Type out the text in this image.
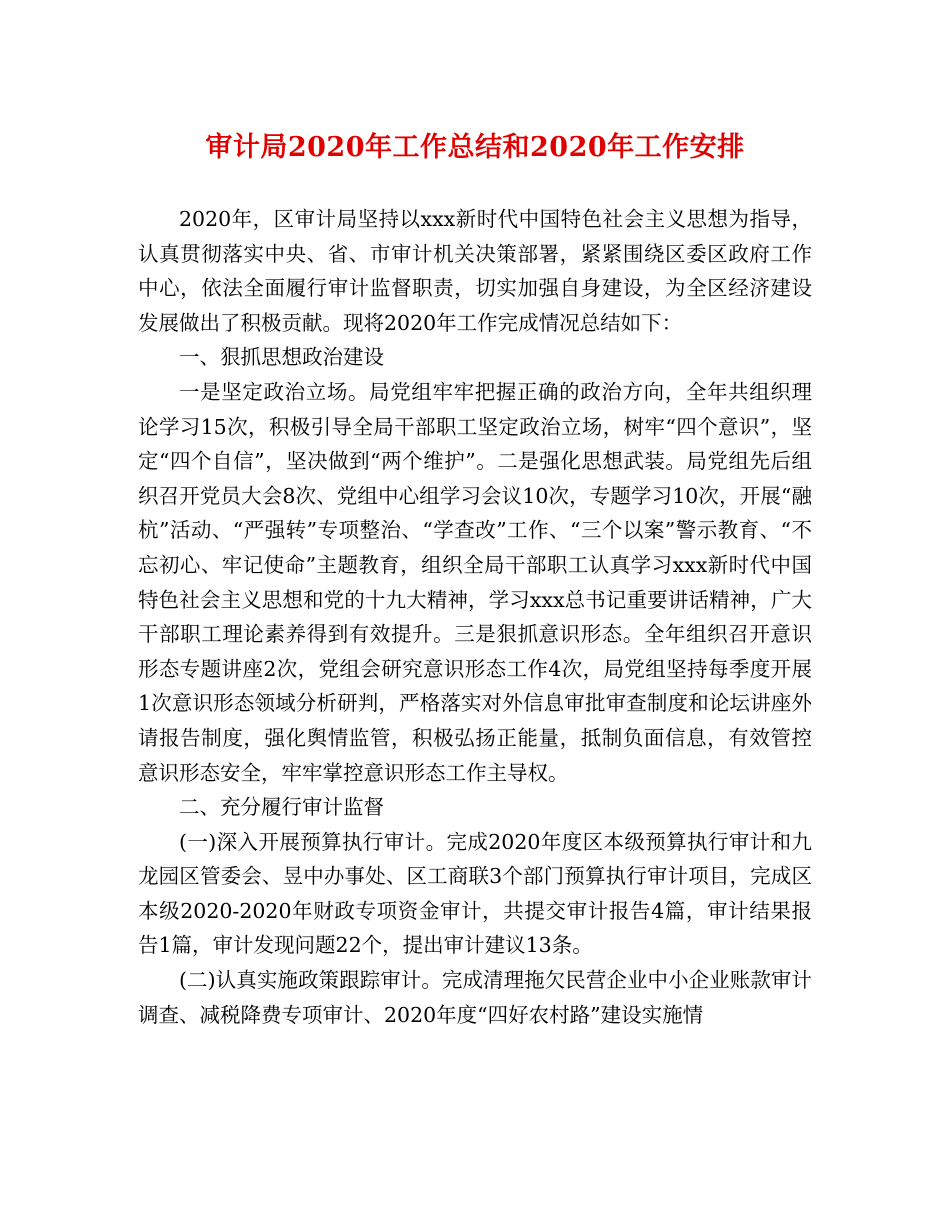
审计局2020年工作总结和2020年工作安排

2020年，区审计局坚持以xxx新时代中国特色社会主义思想为指导，认真贯彻落实中央、省、市审计机关决策部署，紧紧围绕区委区政府工作中心，依法全面履行审计监督职责，切实加强自身建设，为全区经济建设发展做出了积极贡献。现将2020年工作完成情况总结如下：

一、狠抓思想政治建设

一是坚定政治立场。局党组牢牢把握正确的政治方向，全年共组织理论学习15次，积极引导全局干部职工坚定政治立场，树牢“四个意识”，坚定“四个自信”，坚决做到“两个维护”。二是强化思想武装。局党组先后组织召开党员大会8次、党组中心组学习会议10次，专题学习10次，开展“融杭”活动、“严强转”专项整治、“学查改”工作、“三个以案”警示教育、“不忘初心、牢记使命”主题教育，组织全局干部职工认真学习xxx新时代中国特色社会主义思想和党的十九大精神，学习xxx总书记重要讲话精神，广大干部职工理论素养得到有效提升。三是狠抓意识形态。全年组织召开意识形态专题讲座2次，党组会研究意识形态工作4次，局党组坚持每季度开展1次意识形态领域分析研判，严格落实对外信息审批审查制度和论坛讲座外请报告制度，强化舆情监管，积极弘扬正能量，抵制负面信息，有效管控意识形态安全，牢牢掌控意识形态工作主导权。

二、充分履行审计监督

(一)深入开展预算执行审计。完成2020年度区本级预算执行审计和九龙园区管委会、昱中办事处、区工商联3个部门预算执行审计项目，完成区本级2020-2020年财政专项资金审计，共提交审计报告4篇，审计结果报告1篇，审计发现问题22个，提出审计建议13条。

(二)认真实施政策跟踪审计。完成清理拖欠民营企业中小企业账款审计调查、减税降费专项审计、2020年度“四好农村路”建设实施情
